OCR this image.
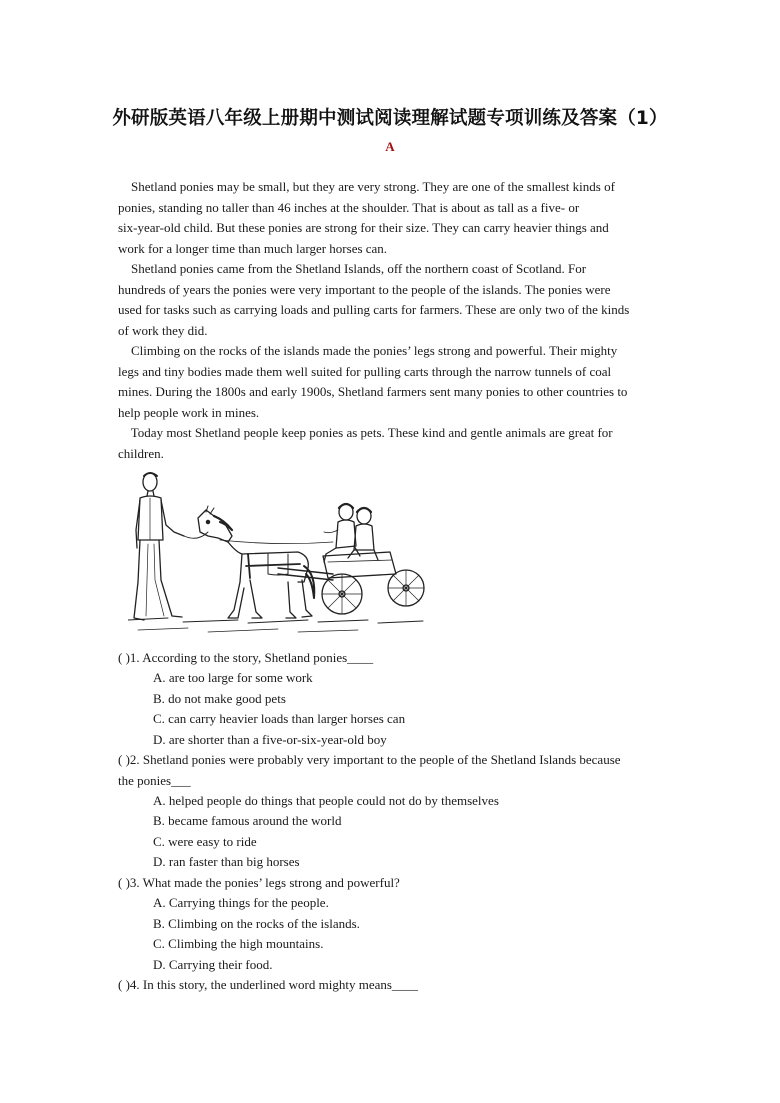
外研版英语八年级上册期中测试阅读理解试题专项训练及答案（1）
A
Shetland ponies may be small, but they are very strong. They are one of the smallest kinds of
ponies, standing no taller than 46 inches at the shoulder. That is about as tall as a five- or
six-year-old child. But these ponies are strong for their size. They can carry heavier things and
work for a longer time than much larger horses can.
Shetland ponies came from the Shetland Islands, off the northern coast of Scotland. For
hundreds of years the ponies were very important to the people of the islands. The ponies were
used for tasks such as carrying loads and pulling carts for farmers. These are only two of the kinds
of work they did.
Climbing on the rocks of the islands made the ponies’ legs strong and powerful. Their mighty
legs and tiny bodies made them well suited for pulling carts through the narrow tunnels of coal
mines. During the 1800s and early 1900s, Shetland farmers sent many ponies to other countries to
help people work in mines.
Today most Shetland people keep ponies as pets. These kind and gentle animals are great for
children.
( )1. According to the story, Shetland ponies____
A. are too large for some work
B. do not make good pets
C. can carry heavier loads than larger horses can
D. are shorter than a five-or-six-year-old boy
( )2. Shetland ponies were probably very important to the people of the Shetland Islands because
the ponies___
A. helped people do things that people could not do by themselves
B. became famous around the world
C. were easy to ride
D. ran faster than big horses
( )3. What made the ponies’ legs strong and powerful?
A. Carrying things for the people.
B. Climbing on the rocks of the islands.
C. Climbing the high mountains.
D. Carrying their food.
( )4. In this story, the underlined word mighty means____
